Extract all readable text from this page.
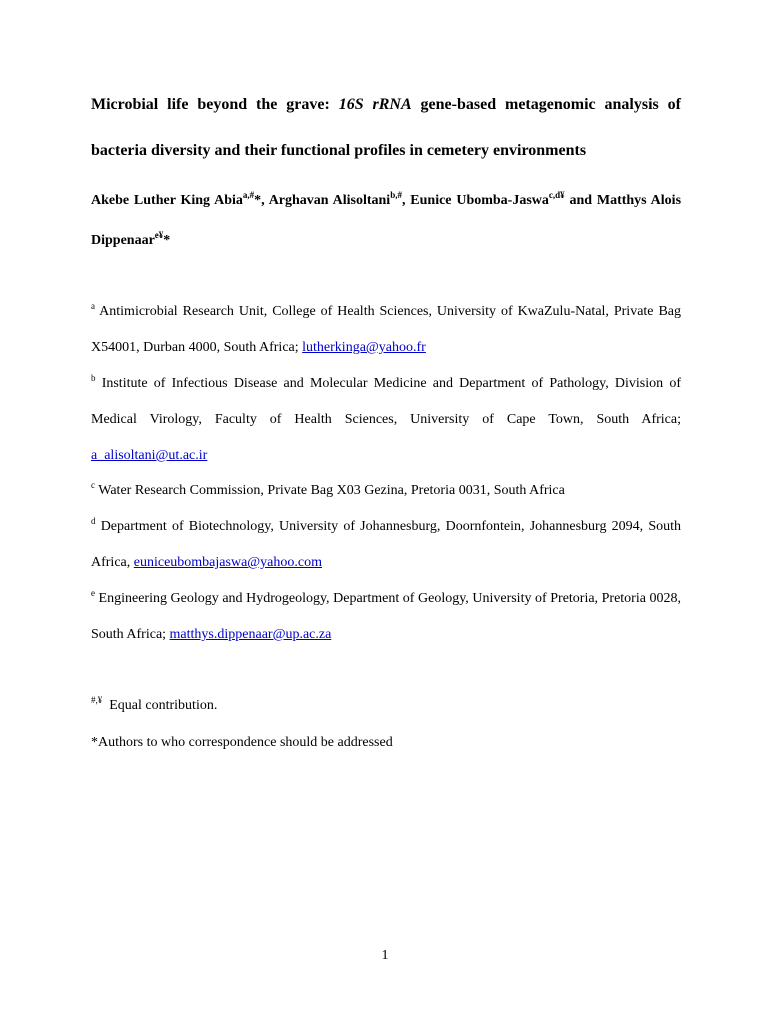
Microbial life beyond the grave: 16S rRNA gene-based metagenomic analysis of bacteria diversity and their functional profiles in cemetery environments

Akebe Luther King Abia$^{a,\#}$*, Arghavan Alisoltani$^{b,\#}$, Eunice Ubomba-Jaswa$^{c,d¥}$ and Matthys Alois Dippenaar$^{e¥}$*

$^a$ Antimicrobial Research Unit, College of Health Sciences, University of KwaZulu-Natal, Private Bag X54001, Durban 4000, South Africa; lutherkinga@yahoo.fr

$^b$ Institute of Infectious Disease and Molecular Medicine and Department of Pathology, Division of Medical Virology, Faculty of Health Sciences, University of Cape Town, South Africa; a_alisoltani@ut.ac.ir

$^c$ Water Research Commission, Private Bag X03 Gezina, Pretoria 0031, South Africa

$^d$ Department of Biotechnology, University of Johannesburg, Doornfontein, Johannesburg 2094, South Africa, euniceubombajaswa@yahoo.com

$^e$ Engineering Geology and Hydrogeology, Department of Geology, University of Pretoria, Pretoria 0028, South Africa; matthys.dippenaar@up.ac.za

#,¥ Equal contribution.

*Authors to who correspondence should be addressed

1
